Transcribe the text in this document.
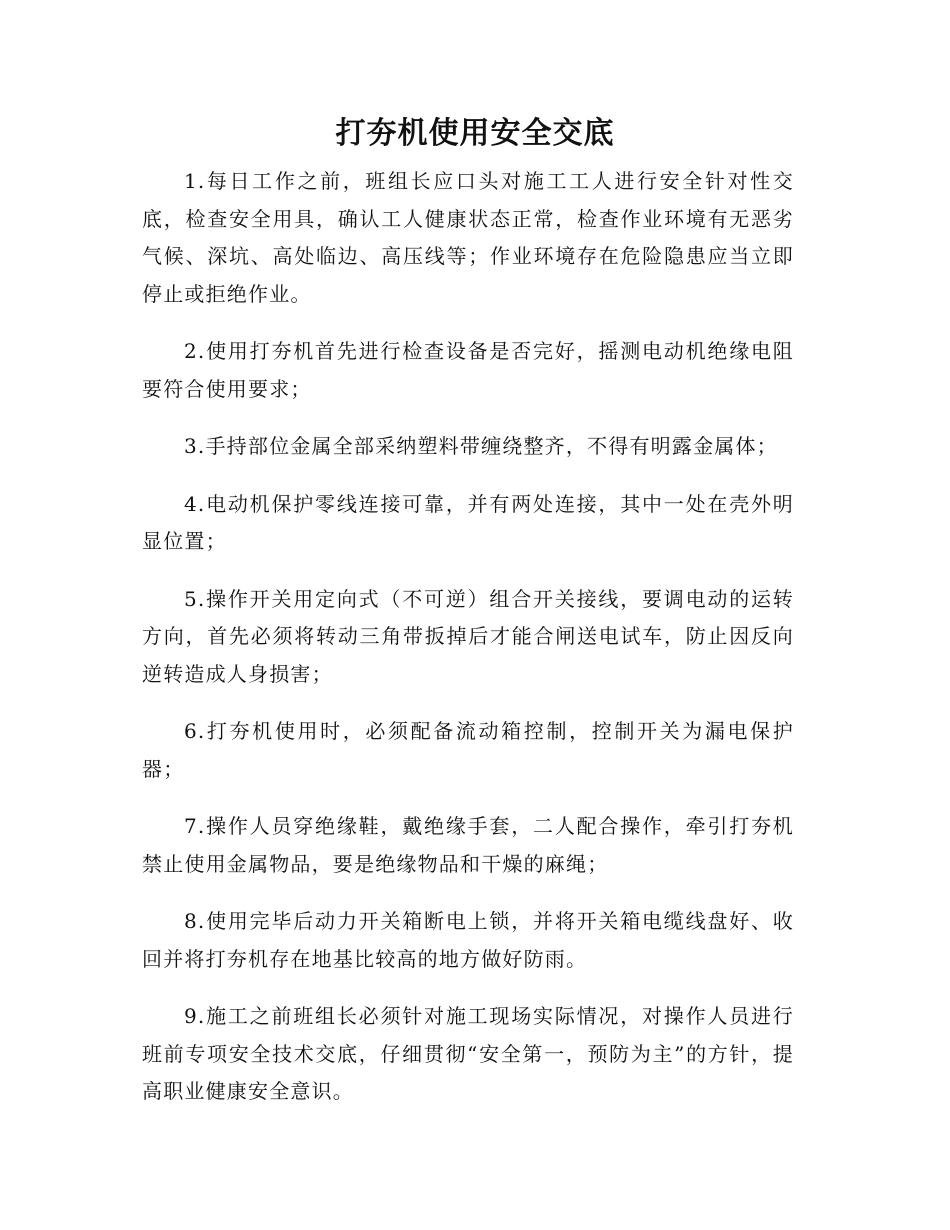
打夯机使用安全交底

1.每日工作之前，班组长应口头对施工工人进行安全针对性交底，检查安全用具，确认工人健康状态正常，检查作业环境有无恶劣气候、深坑、高处临边、高压线等；作业环境存在危险隐患应当立即停止或拒绝作业。

2.使用打夯机首先进行检查设备是否完好，摇测电动机绝缘电阻要符合使用要求；

3.手持部位金属全部采纳塑料带缠绕整齐，不得有明露金属体；

4.电动机保护零线连接可靠，并有两处连接，其中一处在壳外明显位置；

5.操作开关用定向式（不可逆）组合开关接线，要调电动的运转方向，首先必须将转动三角带扳掉后才能合闸送电试车，防止因反向逆转造成人身损害；

6.打夯机使用时，必须配备流动箱控制，控制开关为漏电保护器；

7.操作人员穿绝缘鞋，戴绝缘手套，二人配合操作，牵引打夯机禁止使用金属物品，要是绝缘物品和干燥的麻绳；

8.使用完毕后动力开关箱断电上锁，并将开关箱电缆线盘好、收回并将打夯机存在地基比较高的地方做好防雨。

9.施工之前班组长必须针对施工现场实际情况，对操作人员进行班前专项安全技术交底，仔细贯彻“安全第一，预防为主”的方针，提高职业健康安全意识。
